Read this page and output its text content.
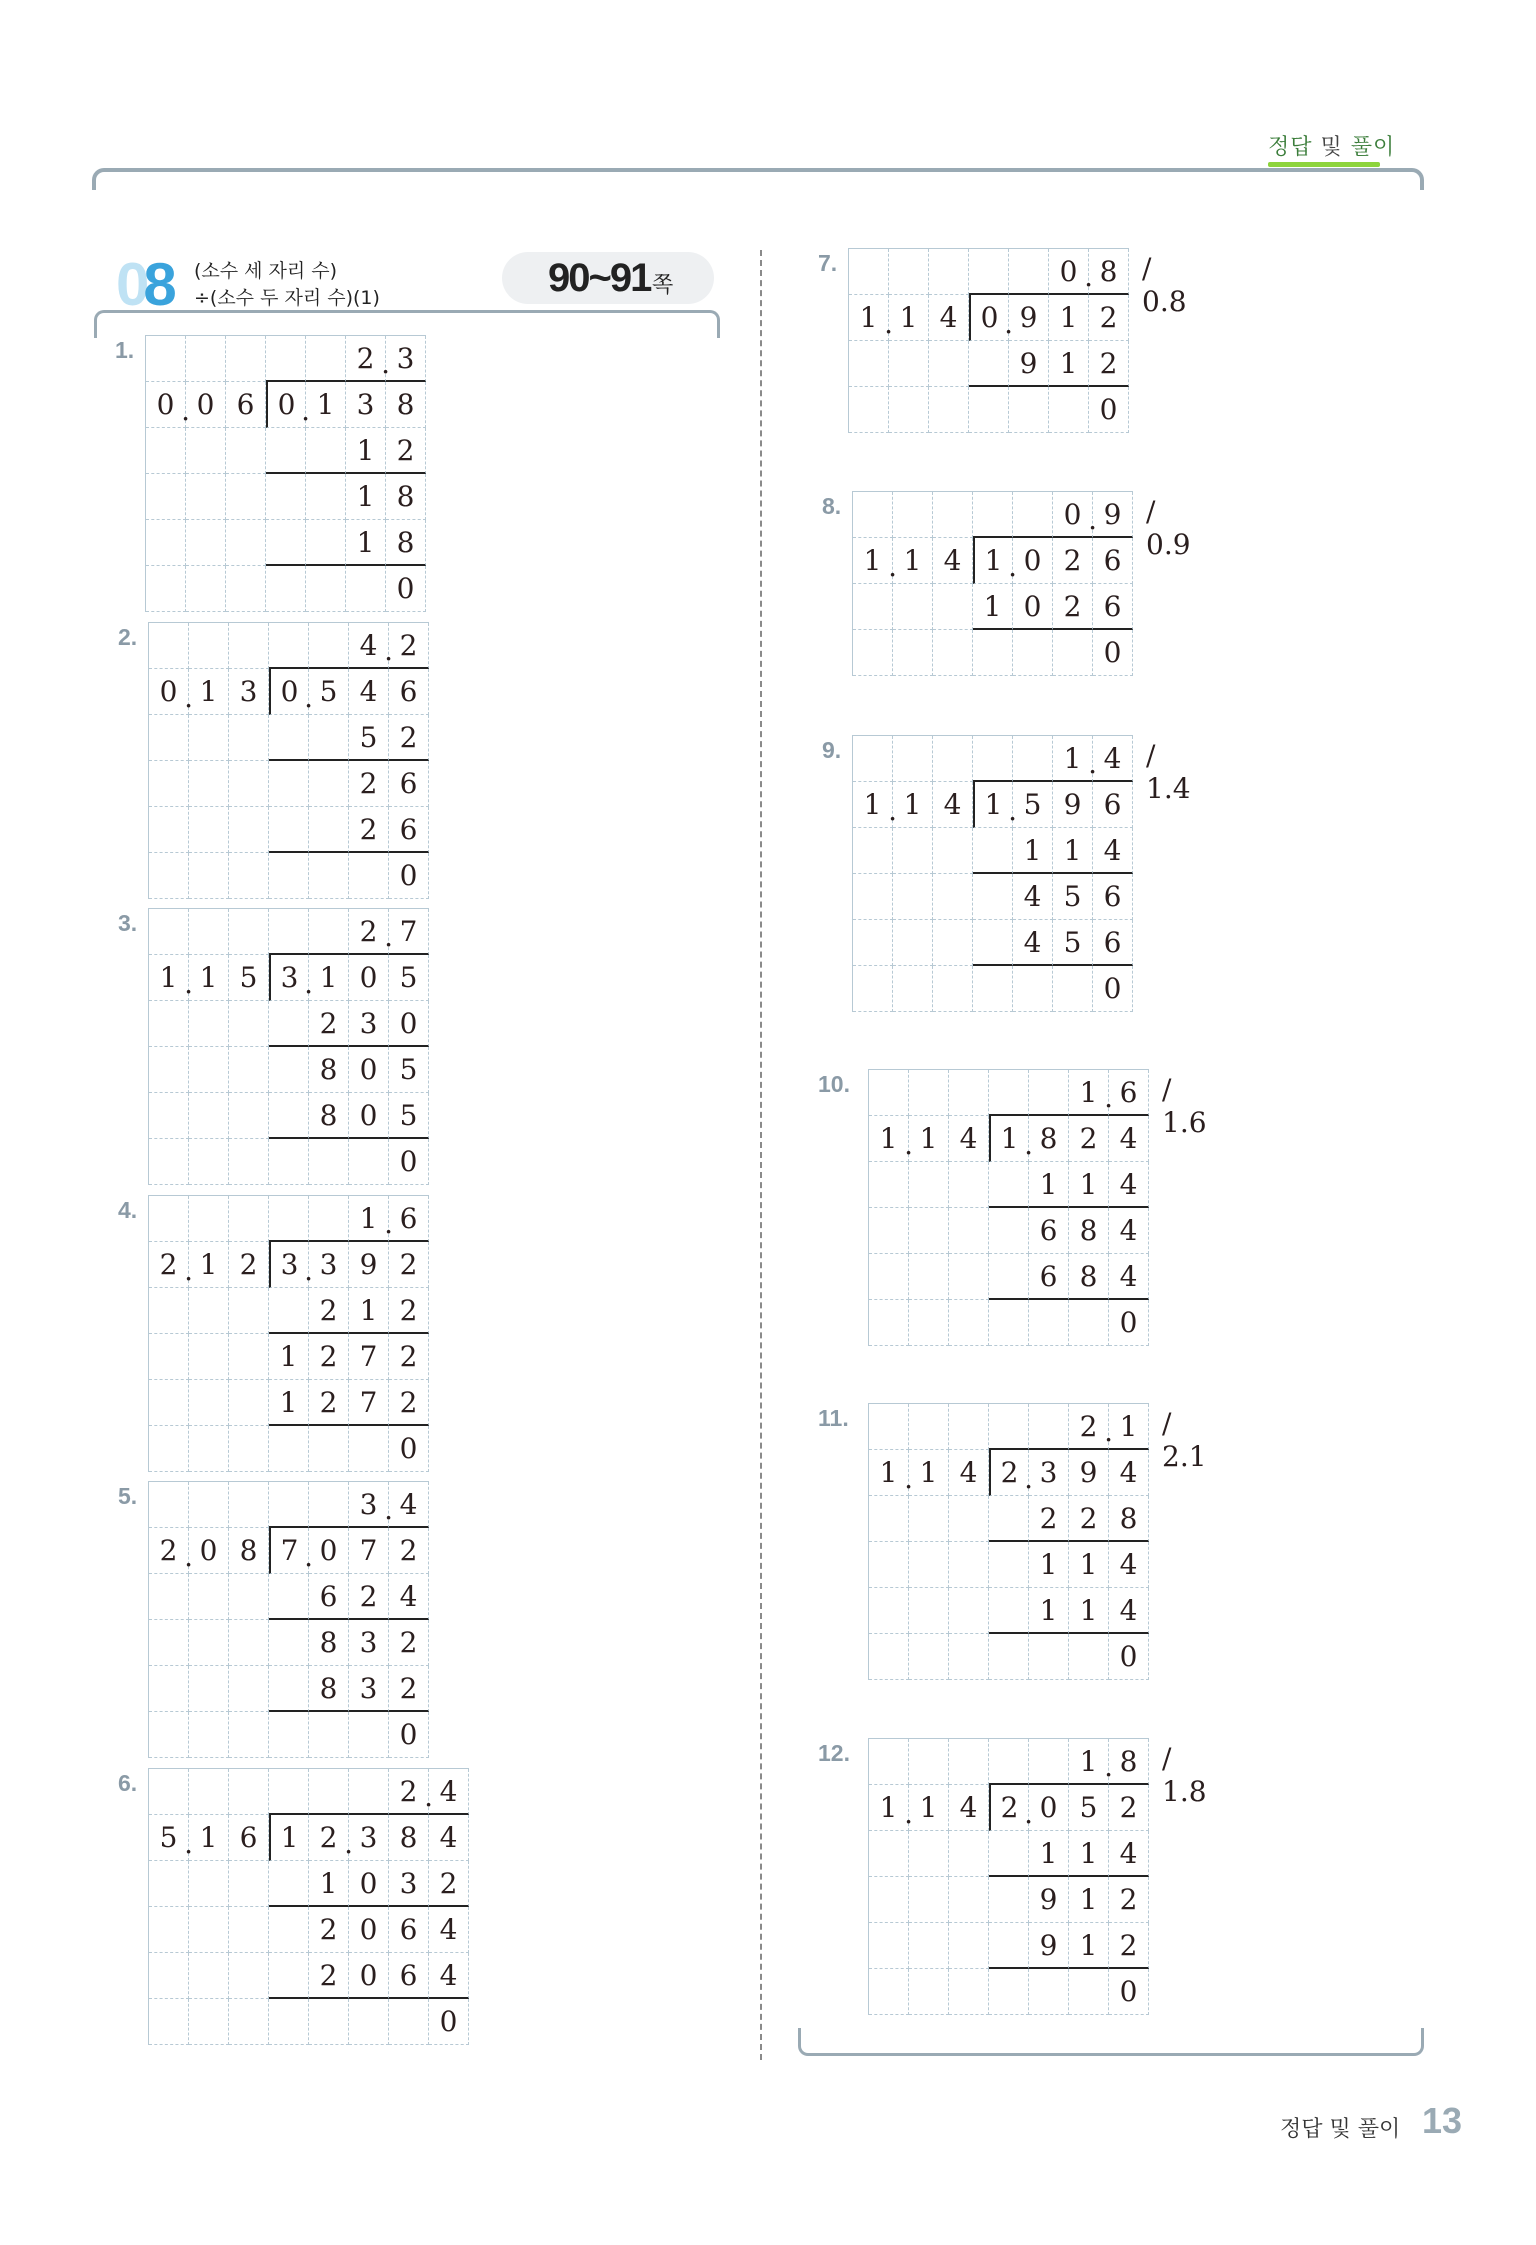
정답 및 풀이
08 (소수 세 자리 수)
÷(소수 두 자리 수)(1)	90~91 쪽
1.	2 . 3
0 . 0 6 0 . 1 3 8
1 2
1 8
1 8
0
2.	4 . 2
0 . 1 3 0 . 5 4 6
5 2
2 6
2 6
0
3.	2 . 7
1 . 1 5 3 . 1 0 5
2 3 0
8 0 5
8 0 5
0
4.	1 . 6
2 . 1 2 3 . 3 9 2
2 1 2
1 2 7 2
1 2 7 2
0
5.	3 . 4
2 . 0 8 7 . 0 7 2
6 2 4
8 3 2
8 3 2
0
6.	2 . 4
5 . 1 6 1 2 . 3 8 4
1 0 3 2
2 0 6 4
2 0 6 4
0
7.	0 . 8
1 . 1 4 0 . 9 1 2
9 1 2
0
/ 0.8
8.	0 . 9
1 . 1 4 1 . 0 2 6
1 0 2 6
0
/ 0.9
9.	1 . 4
1 . 1 4 1 . 5 9 6
1 1 4
4 5 6
4 5 6
0
/ 1.4
10.	1 . 6
1 . 1 4 1 . 8 2 4
1 1 4
6 8 4
6 8 4
0
/ 1.6
11.	2 . 1
1 . 1 4 2 . 3 9 4
2 2 8
1 1 4
1 1 4
0
/ 2.1
12.	1 . 8
1 . 1 4 2 . 0 5 2
1 1 4
9 1 2
9 1 2
0
/ 1.8
정답 및 풀이 13
